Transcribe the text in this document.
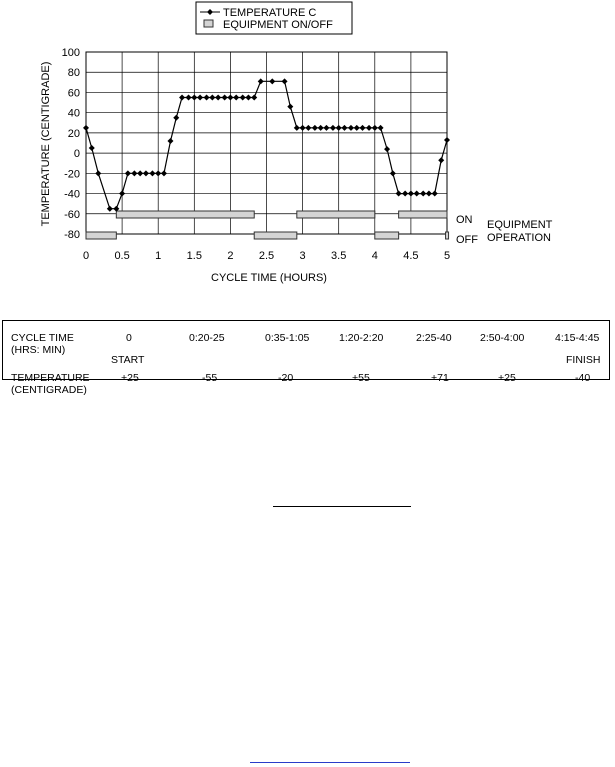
TEMPERATURE C
EQUIPMENT ON/OFF
-80
-60
-40
-20
0
20
40
60
80
100
0 0.5 1 1.5 2 2.5 3 3.5 4 4.5 5
TEMPERATURE (CENTIGRADE)
CYCLE TIME (HOURS)
ON
OFF
EQUIPMENT
OPERATION
CYCLE TIME
(HRS: MIN)
START	FINISH
TEMPERATURE
(CENTIGRADE)
0	0:20-25	0:35-1:05	1:20-2:20	2:25-40	2:50-4:00	4:15-4:45
+25	-55	-20	+55	+71	+25	-40
